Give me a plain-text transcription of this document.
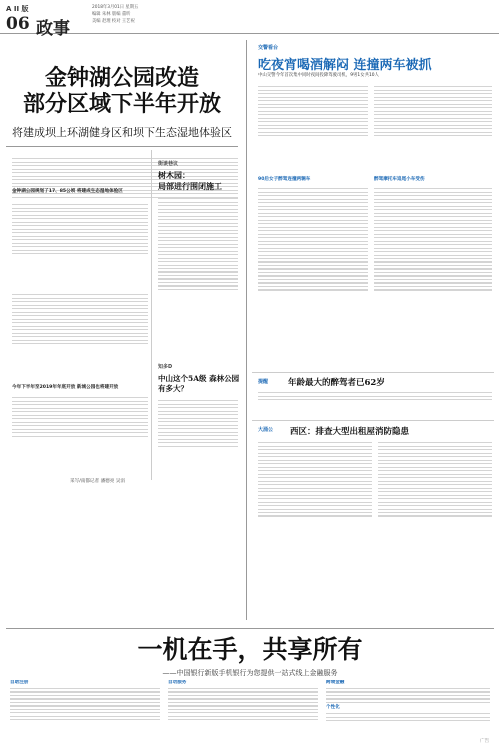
A II 版
06 政事
2018年3月01日 星期五
编辑 朱林 版编 董昕
美编 赵理 校对 王艺祝
金钟湖公园改造
部分区域下半年开放
将建成坝上环湖健身区和坝下生态湿地体验区
金钟湖公园规划了17、85公顷 将建成生态湿地体验区
今年下半年至2019年年底开放 新城公园也将建开放
采写/南都记者 潘德亮 吴涓
街谈巷议
树木园：
局部进行围闭施工
知多D
中山这个5A级 森林公园有多大？
交警看台
吃夜宵喝酒解闷 连撞两车被抓
中山交警今年首次集中同时夜间投降驾驶司机，9男1女共10人
90后女子醉驾连撞两辆车	醉驾摩托车追尾小车受伤
提醒 年龄最大的醉驾者已62岁
大涌公 西区：排查大型出租屋消防隐患
一机在手，共享所有
——中国银行新版手机银行为您提供一站式线上金融服务
自助注册	自动服务	跨境金融
个性化
广告
